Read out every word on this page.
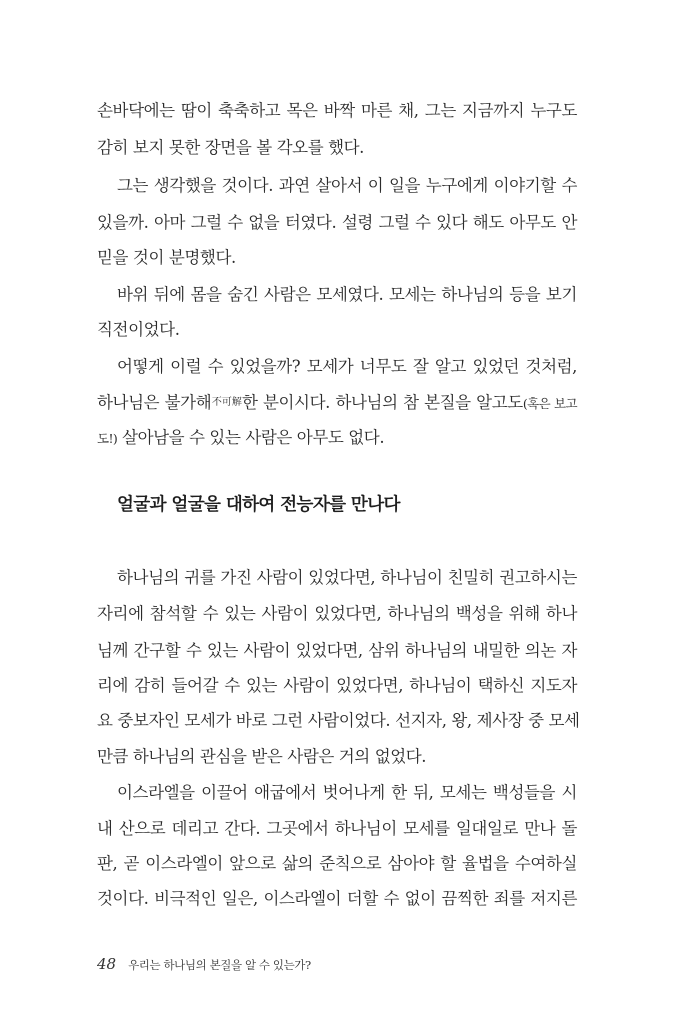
손바닥에는 땀이 축축하고 목은 바짝 마른 채, 그는 지금까지 누구도
감히 보지 못한 장면을 볼 각오를 했다.
그는 생각했을 것이다. 과연 살아서 이 일을 누구에게 이야기할 수
있을까. 아마 그럴 수 없을 터였다. 설령 그럴 수 있다 해도 아무도 안
믿을 것이 분명했다.
바위 뒤에 몸을 숨긴 사람은 모세였다. 모세는 하나님의 등을 보기
직전이었다.
어떻게 이럴 수 있었을까? 모세가 너무도 잘 알고 있었던 것처럼,
하나님은 불가해不可解한 분이시다. 하나님의 참 본질을 알고도(혹은 보고
도!) 살아남을 수 있는 사람은 아무도 없다.
얼굴과 얼굴을 대하여 전능자를 만나다
하나님의 귀를 가진 사람이 있었다면, 하나님이 친밀히 권고하시는
자리에 참석할 수 있는 사람이 있었다면, 하나님의 백성을 위해 하나
님께 간구할 수 있는 사람이 있었다면, 삼위 하나님의 내밀한 의논 자
리에 감히 들어갈 수 있는 사람이 있었다면, 하나님이 택하신 지도자
요 중보자인 모세가 바로 그런 사람이었다. 선지자, 왕, 제사장 중 모세
만큼 하나님의 관심을 받은 사람은 거의 없었다.
이스라엘을 이끌어 애굽에서 벗어나게 한 뒤, 모세는 백성들을 시
내 산으로 데리고 간다. 그곳에서 하나님이 모세를 일대일로 만나 돌
판, 곧 이스라엘이 앞으로 삶의 준칙으로 삼아야 할 율법을 수여하실
것이다. 비극적인 일은, 이스라엘이 더할 수 없이 끔찍한 죄를 저지른
48 우리는 하나님의 본질을 알 수 있는가?
